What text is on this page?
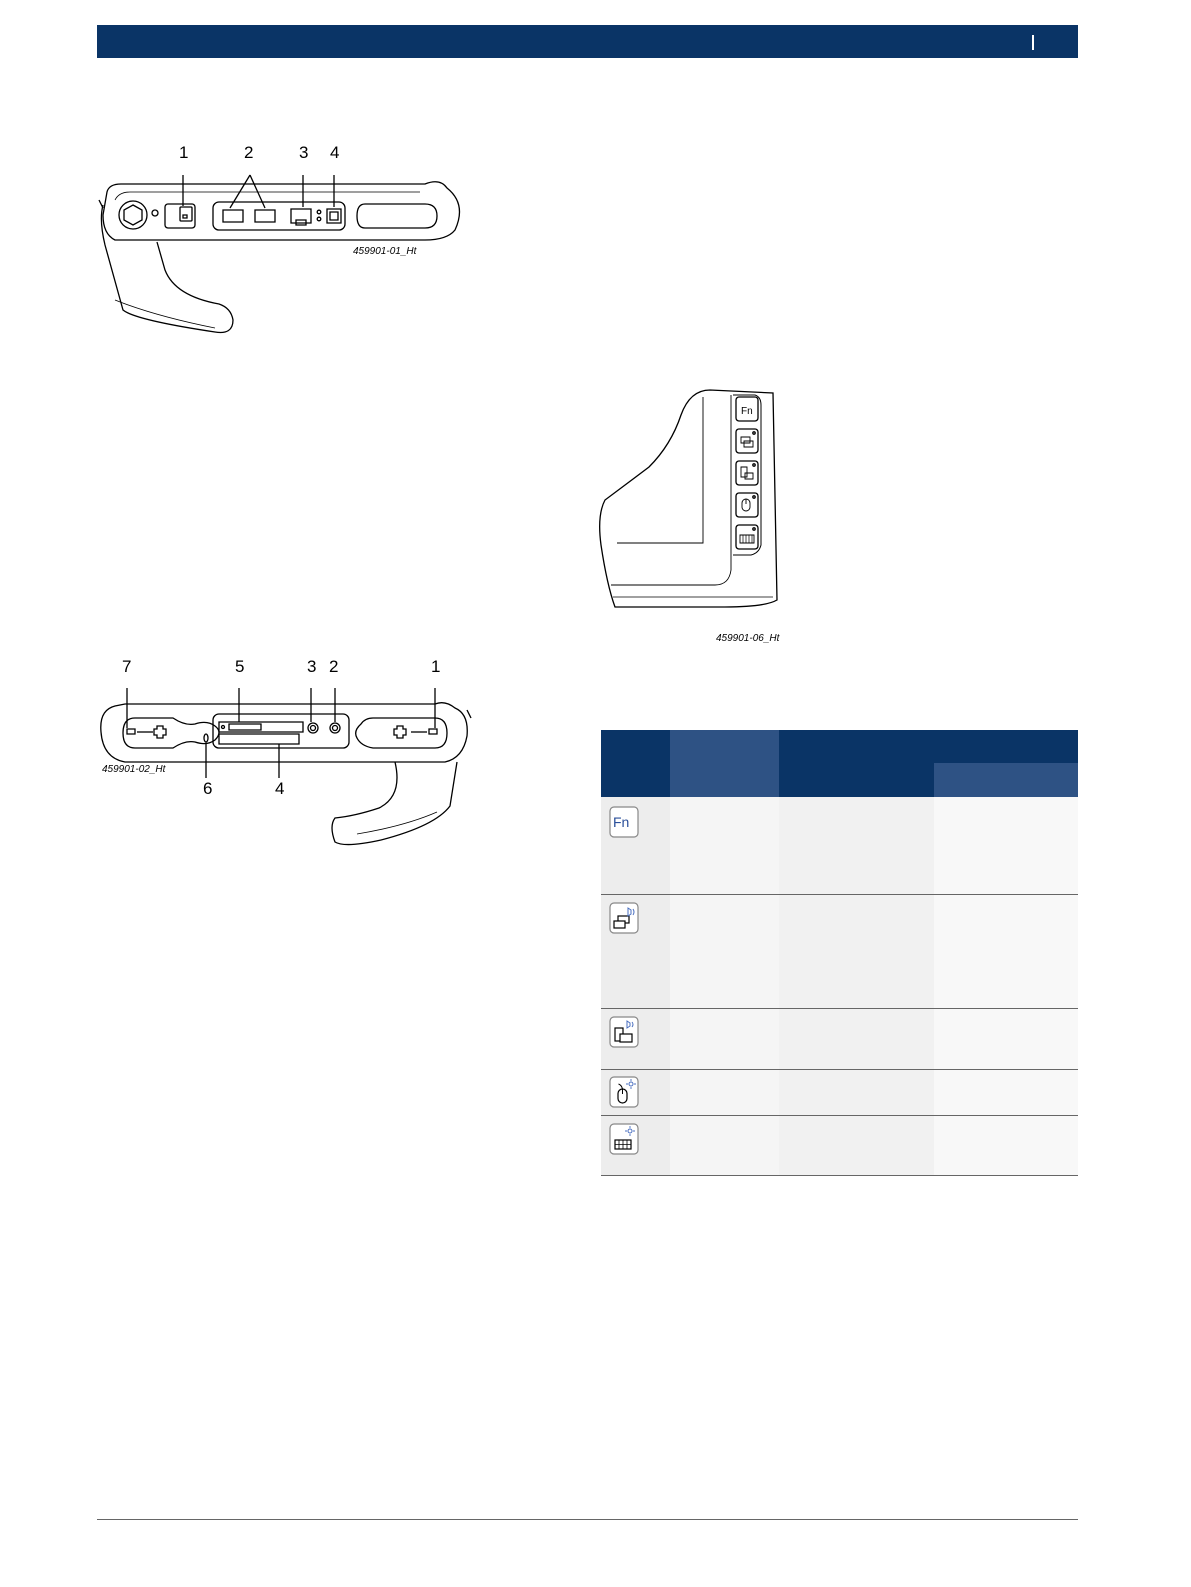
1	2	3 4
459901-01_Ht
7	5	3 2	1
459901-02_Ht
6	4
Fn
459901-06_Ht
Fn
